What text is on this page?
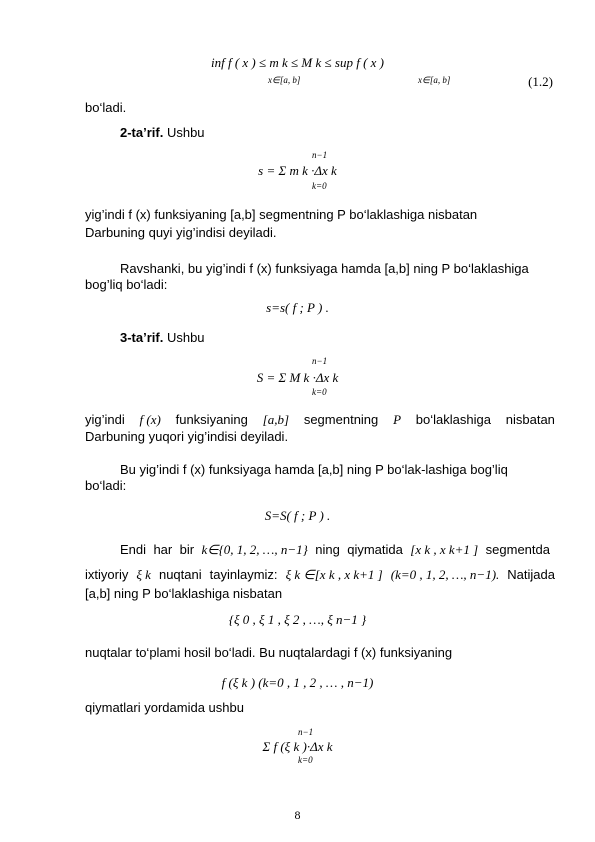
inf f ( x ) ≤ m k ≤ M k ≤ sup f ( x )
x∈[a, b]	x∈[a, b]	(1.2)
bo‘ladi.
2-ta’rif. Ushbu
n−1
s = Σ m k ·Δx k
k=0
yig’indi f (x) funksiyaning [a,b] segmentning P bo‘laklashiga nisbatan
Darbuning quyi yig’indisi deyiladi.
Ravshanki, bu yig’indi f (x) funksiyaga hamda [a,b] ning P bo‘laklashiga
bog’liq bo‘ladi:
s=s( f ; P ) .
3-ta’rif. Ushbu
n−1
S = Σ M k ·Δx k
k=0
yig’indi f (x) funksiyaning [a,b] segmentning P bo‘laklashiga nisbatan
Darbuning yuqori yig’indisi deyiladi.
Bu yig’indi f (x) funksiyaga hamda [a,b] ning P bo‘lak-lashiga bog’liq
bo‘ladi:
S=S( f ; P ) .
Endi har bir k∈{0, 1, 2, …, n−1} ning qiymatida [x k , x k+1 ] segmentda
ixtiyoriy ξ k nuqtani tayinlaymiz: ξ k ∈[x k , x k+1 ] (k=0 , 1, 2, …, n−1). Natijada
[a,b] ning P bo‘laklashiga nisbatan
{ξ 0 , ξ 1 , ξ 2 , …, ξ n−1 }
nuqtalar to‘plami hosil bo‘ladi. Bu nuqtalardagi f (x) funksiyaning
f (ξ k ) (k=0 , 1 , 2 , … , n−1)
qiymatlari yordamida ushbu
n−1
Σ f (ξ k )·Δx k
k=0
8
